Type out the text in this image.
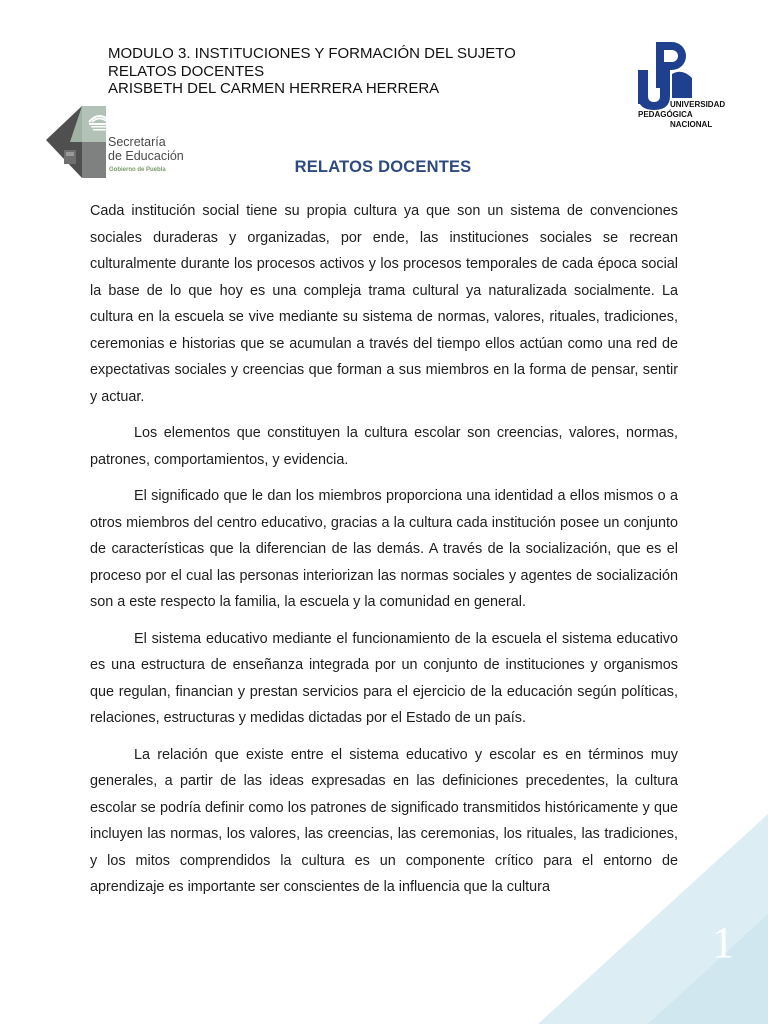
MODULO 3. INSTITUCIONES Y FORMACIÓN DEL SUJETO
RELATOS DOCENTES
ARISBETH DEL CARMEN HERRERA HERRERA
Secretaría
de Educación
Gobierno de Puebla
UNIVERSIDAD
PEDAGÓGICA
NACIONAL
RELATOS DOCENTES

Cada institución social tiene su propia cultura ya que son un sistema de convenciones sociales duraderas y organizadas, por ende, las instituciones sociales se recrean culturalmente durante los procesos activos y los procesos temporales de cada época social la base de lo que hoy es una compleja trama cultural ya naturalizada socialmente. La cultura en la escuela se vive mediante su sistema de normas, valores, rituales, tradiciones, ceremonias e historias que se acumulan a través del tiempo ellos actúan como una red de expectativas sociales y creencias que forman a sus miembros en la forma de pensar, sentir y actuar.

Los elementos que constituyen la cultura escolar son creencias, valores, normas, patrones, comportamientos, y evidencia.

El significado que le dan los miembros proporciona una identidad a ellos mismos o a otros miembros del centro educativo, gracias a la cultura cada institución posee un conjunto de características que la diferencian de las demás. A través de la socialización, que es el proceso por el cual las personas interiorizan las normas sociales y agentes de socialización son a este respecto la familia, la escuela y la comunidad en general.

El sistema educativo mediante el funcionamiento de la escuela el sistema educativo es una estructura de enseñanza integrada por un conjunto de instituciones y organismos que regulan, financian y prestan servicios para el ejercicio de la educación según políticas, relaciones, estructuras y medidas dictadas por el Estado de un país.

La relación que existe entre el sistema educativo y escolar es en términos muy generales, a partir de las ideas expresadas en las definiciones precedentes, la cultura escolar se podría definir como los patrones de significado transmitidos históricamente y que incluyen las normas, los valores, las creencias, las ceremonias, los rituales, las tradiciones, y los mitos comprendidos la cultura es un componente crítico para el entorno de aprendizaje es importante ser conscientes de la influencia que la cultura

1
